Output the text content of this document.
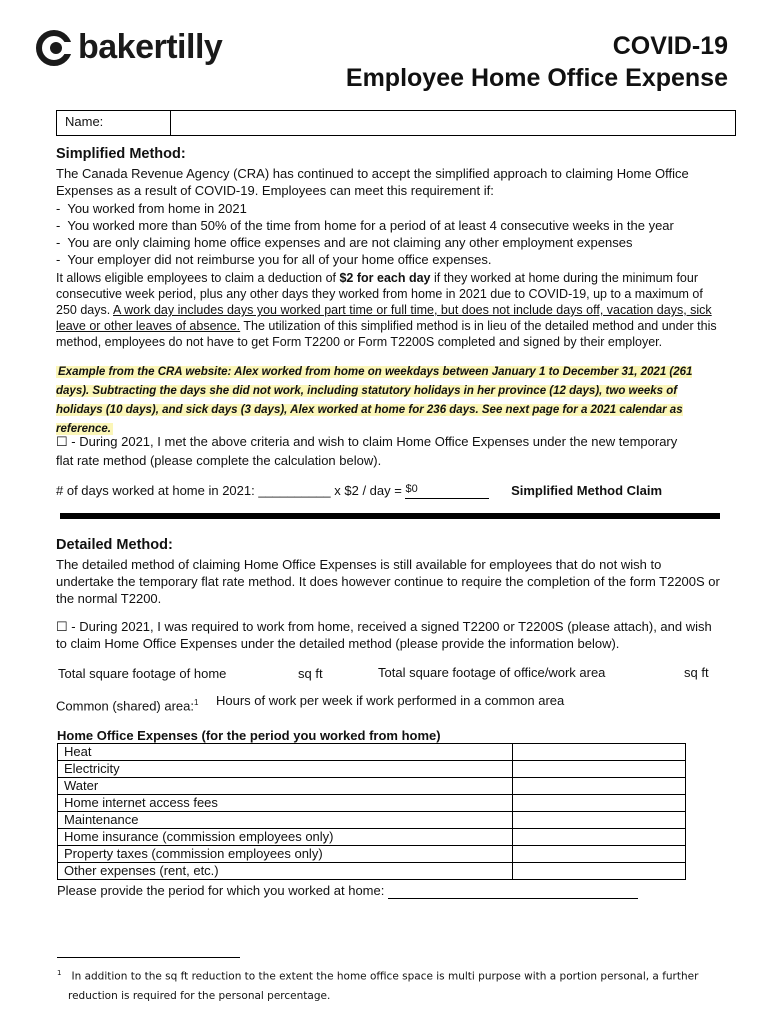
bakertilly	COVID-19
Employee Home Office Expense
Name:
Simplified Method:
The Canada Revenue Agency (CRA) has continued to accept the simplified approach to claiming Home Office Expenses as a result of COVID-19. Employees can meet this requirement if:
- You worked from home in 2021
- You worked more than 50% of the time from home for a period of at least 4 consecutive weeks in the year
- You are only claiming home office expenses and are not claiming any other employment expenses
- Your employer did not reimburse you for all of your home office expenses.
It allows eligible employees to claim a deduction of $2 for each day if they worked at home during the minimum four consecutive week period, plus any other days they worked from home in 2021 due to COVID-19, up to a maximum of 250 days. A work day includes days you worked part time or full time, but does not include days off, vacation days, sick leave or other leaves of absence. The utilization of this simplified method is in lieu of the detailed method and under this method, employees do not have to get Form T2200 or Form T2200S completed and signed by their employer.
Example from the CRA website: Alex worked from home on weekdays between January 1 to December 31, 2021 (261 days). Subtracting the days she did not work, including statutory holidays in her province (12 days), two weeks of holidays (10 days), and sick days (3 days), Alex worked at home for 236 days. See next page for a 2021 calendar as reference.
☐ - During 2021, I met the above criteria and wish to claim Home Office Expenses under the new temporary flat rate method (please complete the calculation below).
# of days worked at home in 2021: __________ x $2 / day = $0	Simplified Method Claim
Detailed Method:
The detailed method of claiming Home Office Expenses is still available for employees that do not wish to undertake the temporary flat rate method. It does however continue to require the completion of the form T2200S or the normal T2200.
☐ - During 2021, I was required to work from home, received a signed T2200 or T2200S (please attach), and wish to claim Home Office Expenses under the detailed method (please provide the information below).
Total square footage of home	sq ft	Total square footage of office/work area	sq ft
Common (shared) area:$^1$ Hours of work per week if work performed in a common area
Home Office Expenses (for the period you worked from home)
Heat	
Electricity	
Water	
Home internet access fees	
Maintenance	
Home insurance (commission employees only)	
Property taxes (commission employees only)	
Other expenses (rent, etc.)	
Please provide the period for which you worked at home:
$^1$ In addition to the sq ft reduction to the extent the home office space is multi purpose with a portion personal, a further
reduction is required for the personal percentage.
